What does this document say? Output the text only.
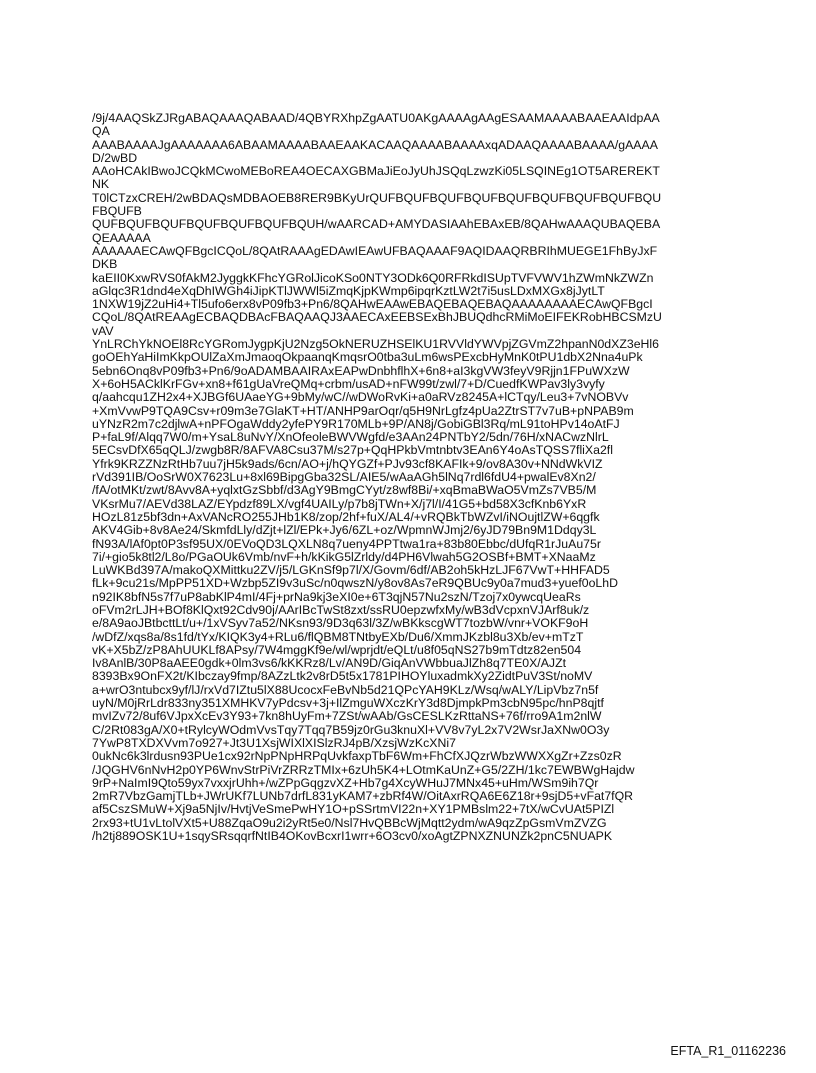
/9j/4AAQSkZJRgABAQAAAQABAAD/4QBYRXhpZgAATU0AKgAAAAgAAgESAAMAAAABAAEAAIdpAA
QA
AAABAAAAJgAAAAAAA6ABAAMAAAABAAEAAKACAAQAAAABAAAAxqADAAQAAAABAAAA/gAAAA
D/2wBD
AAoHCAkIBwoJCQkMCwoMEBoREA4OECAXGBMaJiEoJyUhJSQqLzwzKi05LSQINEg1OT5AREREKT
NK
T0lCTzxCREH/2wBDAQsMDBAOEB8RER9BKyUrQUFBQUFBQUFBQUFBQUFBQUFBQUFBQUFBQU
FBQUFB
QUFBQUFBQUFBQUFBQUFBQUFBQUH/wAARCAD+AMYDASIAAhEBAxEB/8QAHwAAAQUBAQEBA
QEAAAAA
AAAAAAECAwQFBgcICQoL/8QAtRAAAgEDAwIEAwUFBAQAAAF9AQIDAAQRBRIhMUEGE1FhByJxF
DKB
kaEII0KxwRVS0fAkM2JyggkKFhcYGRolJicoKSo0NTY3ODk6Q0RFRkdISUpTVFVWV1hZWmNkZWZn
aGlqc3R1dnd4eXqDhIWGh4iJipKTlJWWl5iZmqKjpKWmp6ipqrKztLW2t7i5usLDxMXGx8jJytLT
1NXW19jZ2uHi4+Tl5ufo6erx8vP09fb3+Pn6/8QAHwEAAwEBAQEBAQEBAQAAAAAAAAECAwQFBgcI
CQoL/8QAtREAAgECBAQDBAcFBAQAAQJ3AAECAxEEBSExBhJBUQdhcRMiMoEIFEKRobHBCSMzU
vAV
YnLRChYkNOEl8RcYGRomJygpKjU2Nzg5OkNERUZHSElKU1RVVldYWVpjZGVmZ2hpanN0dXZ3eHl6
goOEhYaHiImKkpOUlZaXmJmaoqOkpaanqKmqsrO0tba3uLm6wsPExcbHyMnK0tPU1dbX2Nna4uPk
5ebn6Onq8vP09fb3+Pn6/9oADAMBAAIRAxEAPwDnbhflhX+6n8+aI3kgVW3feyV9Rjjn1FPuWXzW
X+6oH5ACklKrFGv+xn8+f61gUaVreQMq+crbm/usAD+nFW99t/zwl/7+D/CuedfKWPav3ly3vyfy
q/aahcqu1ZH2x4+XJBGf6UAaeYG+9bMy/wC//wDWoRvKi+a0aRVz8245A+lCTqy/Leu3+7vNOBVv
+XmVvwP9TQA9Csv+r09m3e7GlaKT+HT/ANHP9arOqr/q5H9NrLgfz4pUa2ZtrST7v7uB+pNPAB9m
uYNzR2m7c2djlwA+nPFOgaWddy2yfePY9R170MLb+9P/AN8j/GobiGBl3Rq/mL91toHPv14oAtFJ
P+faL9f/Alqq7W0/m+YsaL8uNvY/XnOfeoleBWVWgfd/e3AAn24PNTbY2/5dn/76H/xNACwzNlrL
5ECsvDfX65qQLJ/zwgb8R/8AFVA8Csu37M/s27p+QqHPkbVmtnbtv3EAn6Y4oAsTQSS7fliXa2fl
Yfrk9KRZZNzRtHb7uu7jH5k9ads/6cn/AO+j/hQYGZf+PJv93cf8KAFIk+9/ov8A30v+NNdWkVIZ
rVd391IB/OoSrW0X7623Lu+8xl69BipgGba32SL/AIE5/wAaAGh5lNq7rdl6fdU4+pwalEv8Xn2/
/fA/otMKt/zwt/8Avv8A+yqlxtGzSbbf/d3AgY9BmgCYyt/z8wf8Bi/+xqBmaBWaO5VmZs7VB5/M
VKsrMu7/AEVd38LAZ/EYpdzf89LX/vgf4UAILy/p7b8jTWn+X/j7l/I/41G5+bd58X3cfKnb6YxR
HOzL81z5bf3dn+AxVANcRO255JHb1K8/zop/2hf+fuX/AL4/+vRQBkTbWZvI/iNOujtlZW+6qgfk
AKV4Gib+8v8Ae24/SkmfdLly/dZjt+lZl/EPk+Jy6/6ZL+oz/WpmnWJmj2/6yJD79Bn9M1Ddqy3L
fN93A/lAf0pt0P3sf95UX/0EVoQD3LQXLN8q7ueny4PPTtwa1ra+83b80Ebbc/dUfqR1rJuAu75r
7i/+gio5k8tl2/L8o/PGaOUk6Vmb/nvF+h/kKikG5lZrldy/d4PH6Vlwah5G2OSBf+BMT+XNaaMz
LuWKBd397A/makoQXMittku2ZV/j5/LGKnSf9p7l/X/Govm/6df/AB2oh5kHzLJF67VwT+HHFAD5
fLk+9cu21s/MpPP51XD+Wzbp5ZI9v3uSc/n0qwszN/y8ov8As7eR9QBUc9y0a7mud3+yuef0oLhD
n92IK8bfN5s7f7uP8abKlP4mI/4Fj+prNa9kj3eXI0e+6T3qjN57Nu2szN/Tzoj7x0ywcqUeaRs
oFVm2rLJH+BOf8KlQxt92Cdv90j/AArIBcTwSt8zxt/ssRU0epzwfxMy/wB3dVcpxnVJArf8uk/z
e/8A9aoJBtbcttLt/u+/1xVSyv7a52/NKsn93/9D3q63l/3Z/wBKkscgWT7tozbW/vnr+VOKF9oH
/wDfZ/xqs8a/8s1fd/tYx/KIQK3y4+RLu6/flQBM8TNtbyEXb/Du6/XmmJKzbl8u3Xb/ev+mTzT
vK+X5bZ/zP8AhUUKLf8APsy/7W4mggKf9e/wl/wprjdt/eQLt/u8f05qNS27b9mTdtz82en504
Iv8AnlB/30P8aAEE0gdk+0lm3vs6/kKKRz8/Lv/AN9D/GiqAnVWbbuaJlZh8q7TE0X/AJZt
8393Bx9OnFX2t/KIbczay9fmp/8AZzLtk2v8rD5t5x1781PIHOYluxadmkXy2ZidtPuV3St/noMV
a+wrO3ntubcx9yf/lJ/rxVd7IZtu5lX88UcocxFeBvNb5d21QPcYAH9KLz/Wsq/wALY/LipVbz7n5f
uyN/M0jRrLdr833ny351XMHKV7yPdcsv+3j+IlZmguWXczKrY3d8DjmpkPm3cbN95pc/hnP8qjtf
mvIZv72/8uf6VJpxXcEv3Y93+7kn8hUyFm+7ZSt/wAAb/GsCESLKzRttaNS+76f/rro9A1m2nlW
C/2Rt083gA/X0+tRylcyWOdmVvsTqy7Tqq7B59jz0rGu3knuXl+VV8v7yL2x7V2WsrJaXNw0O3y
7YwP8TXDXVvm7o927+Jt3U1XsjWIXlXISlzRJ4pB/XzsjWzKcXNi7
0ukNc6k3lrdusn93PUe1cx92rNpPNpHRPqUvkfaxpTbF6Wm+FhCfXJQzrWbzWWXXgZr+Zzs0zR
/JQGHV6nNvH2p0YP6WnvStrPiVrZRRzTMIx+6zUh5K4+LOtmKaUnZ+G5/2ZH/1kc7EWBWgHajdw
9rP+NaImI9Qto59yx7vxxjrUhh+/wZPpGqgzvXZ+Hb7g4XcyWHuJ7MNx45+uHm/WSm9ih7Qr
2mR7VbzGamjTLb+JWrUKf7LUNb7drfL831yKAM7+zbRf4W/OitAxrRQA6E6Z18r+9sjD5+vFat7fQR
af5CszSMuW+Xj9a5NjIv/HvtjVeSmePwHY1O+pSSrtmVI22n+XY1PMBslm22+7tX/wCvUAt5PIZl
2rx93+tU1vLtolVXt5+U88ZqaO9u2i2yRt5e0/Nsl7HvQBBcWjMqtt2ydm/wA9qzZpGsmVmZVZG
/h2tj889OSK1U+1sqySRsqqrfNtIB4OKovBcxrI1wrr+6O3cv0/xoAgtZPNXZNUNZk2pnC5NUAPK
EFTA_R1_01162236
